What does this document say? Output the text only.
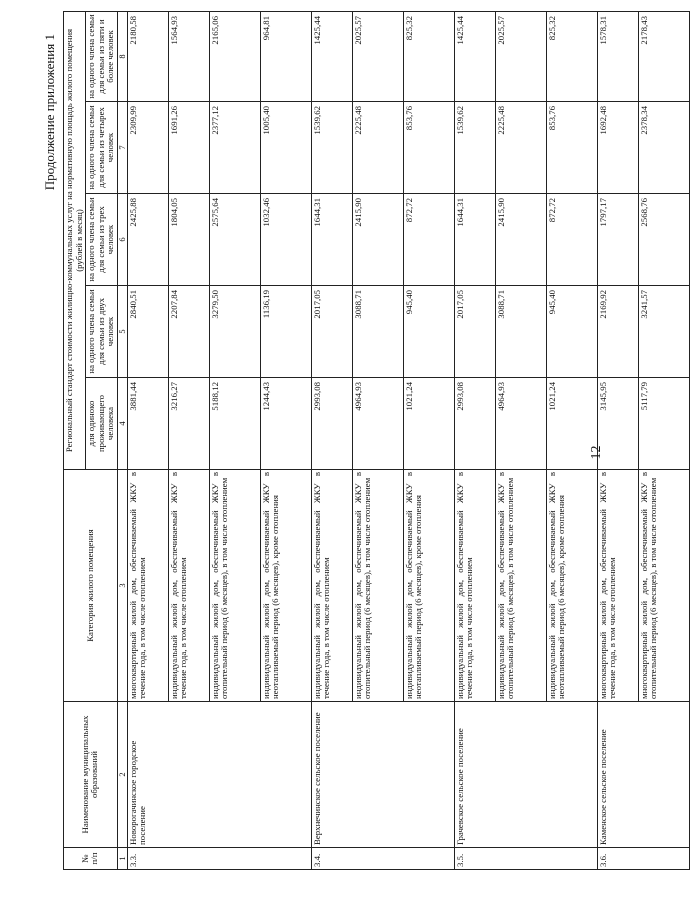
Продолжение приложения 1
№ п/п	Наименование муниципальных образований	Категория жилого помещения	Региональный стандарт стоимости жилищно-коммунальных услуг на нормативную площадь жилого помещения (рублей в месяц)				
			для одиноко проживающего человека			
				на одного члена семьи для семьи из двух человек	на одного члена семьи для семьи из трех человек	на одного члена семьи для семьи из четырех человек	на одного члена семьи для семьи из пяти и более человек
1	2	3	4	5	6	7	8
3.3.	Новорогачинское городское поселение	многоквартирный жилой дом, обеспечиваемый ЖКУ в течение года, в том числе отоплением	3881,44	2840,51	2425,88	2309,99	2180,58
		индивидуальный жилой дом, обеспечиваемый ЖКУ в течение года, в том числе отоплением	3216,27	2207,84	1804,05	1691,26	1564,93
		индивидуальный жилой дом, обеспечиваемый ЖКУ в отопительный период (6 месяцев), в том числе отоплением	5188,12	3279,50	2575,64	2377,12	2165,06
		индивидуальный жилой дом, обеспечиваемый ЖКУ в неотапливаемый период (6 месяцев), кроме отопления	1244,43	1136,19	1032,46	1005,40	964,81
3.4.	Верхнечинское сельское поселение	индивидуальный жилой дом, обеспечиваемый ЖКУ в течение года, в том числе отоплением	2993,08	2017,05	1644,31	1539,62	1425,44
		индивидуальный жилой дом, обеспечиваемый ЖКУ в отопительный период (6 месяцев), в том числе отоплением	4964,93	3088,71	2415,90	2225,48	2025,57
		индивидуальный жилой дом, обеспечиваемый ЖКУ в неотапливаемый период (6 месяцев), кроме отопления	1021,24	945,40	872,72	853,76	825,32
3.5.	Грачевское сельское поселение	индивидуальный жилой дом, обеспечиваемый ЖКУ в течение года, в том числе отоплением	2993,08	2017,05	1644,31	1539,62	1425,44
		индивидуальный жилой дом, обеспечиваемый ЖКУ в отопительный период (6 месяцев), в том числе отоплением	4964,93	3088,71	2415,90	2225,48	2025,57
		индивидуальный жилой дом, обеспечиваемый ЖКУ в неотапливаемый период (6 месяцев), кроме отопления	1021,24	945,40	872,72	853,76	825,32
3.6.	Каменское сельское поселение	многоквартирный жилой дом, обеспечиваемый ЖКУ в течение года, в том числе отоплением	3145,95	2169,92	1797,17	1692,48	1578,31
		многоквартирный жилой дом, обеспечиваемый ЖКУ в отопительный период (6 месяцев), в том числе отоплением	5117,79	3241,57	2568,76	2378,34	2178,43
12
